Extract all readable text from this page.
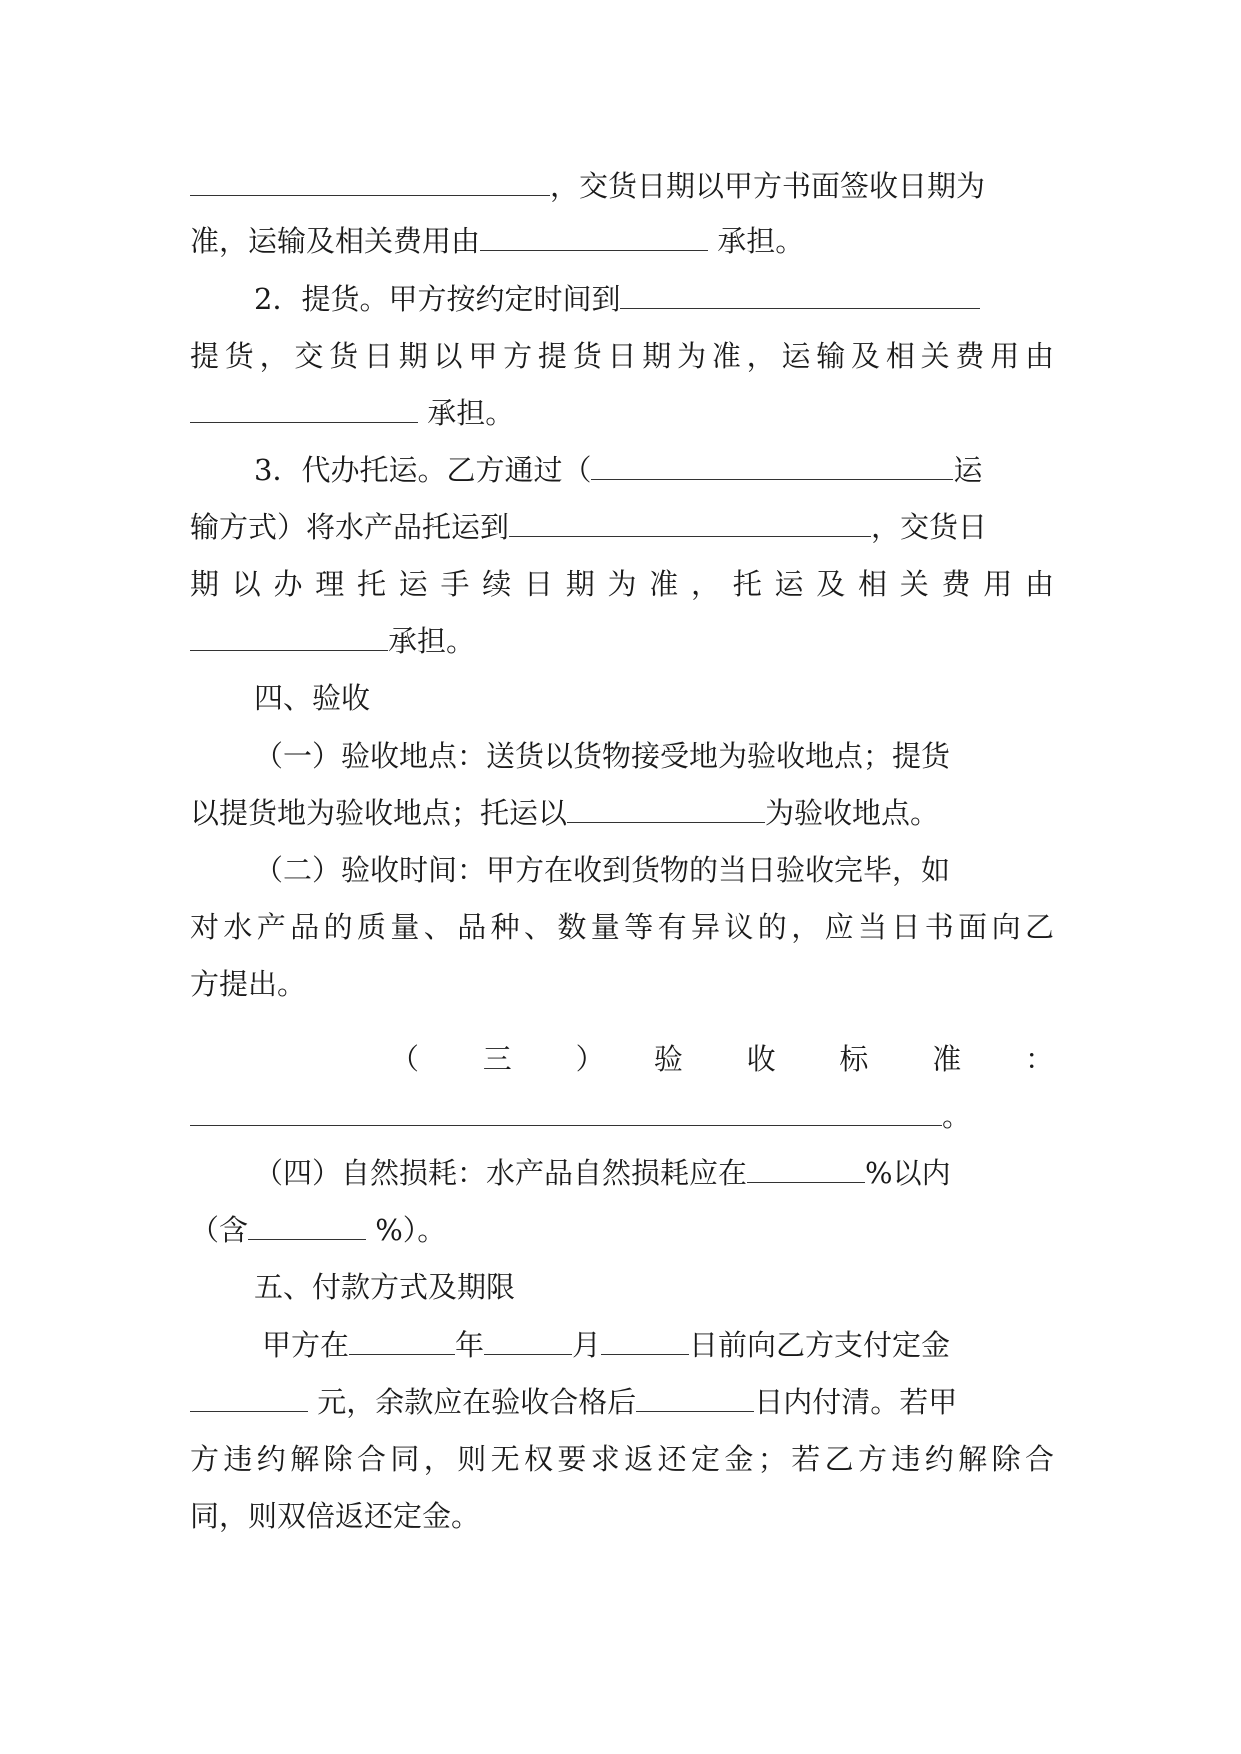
，交货日期以甲方书面签收日期为
准，运输及相关费用由	承担。
2．提货。甲方按约定时间到
提货，交货日期以甲方提货日期为准，运输及相关费用由
承担。
3．代办托运。乙方通过（	运
输方式）将水产品托运到	，交货日
期以办理托运手续日期为准，托运及相关费用由
承担。
四、验收
（一）验收地点：送货以货物接受地为验收地点；提货
以提货地为验收地点；托运以	为验收地点。
（二）验收时间：甲方在收到货物的当日验收完毕，如
对水产品的质量、品种、数量等有异议的，应当日书面向乙
方提出。
（　三　）　验　收　标　准　：
。
（四）自然损耗：水产品自然损耗应在	%以内
（含	%）。
五、付款方式及期限
甲方在	年	月	日前向乙方支付定金
元，余款应在验收合格后	日内付清。若甲
方违约解除合同，则无权要求返还定金；若乙方违约解除合
同，则双倍返还定金。
